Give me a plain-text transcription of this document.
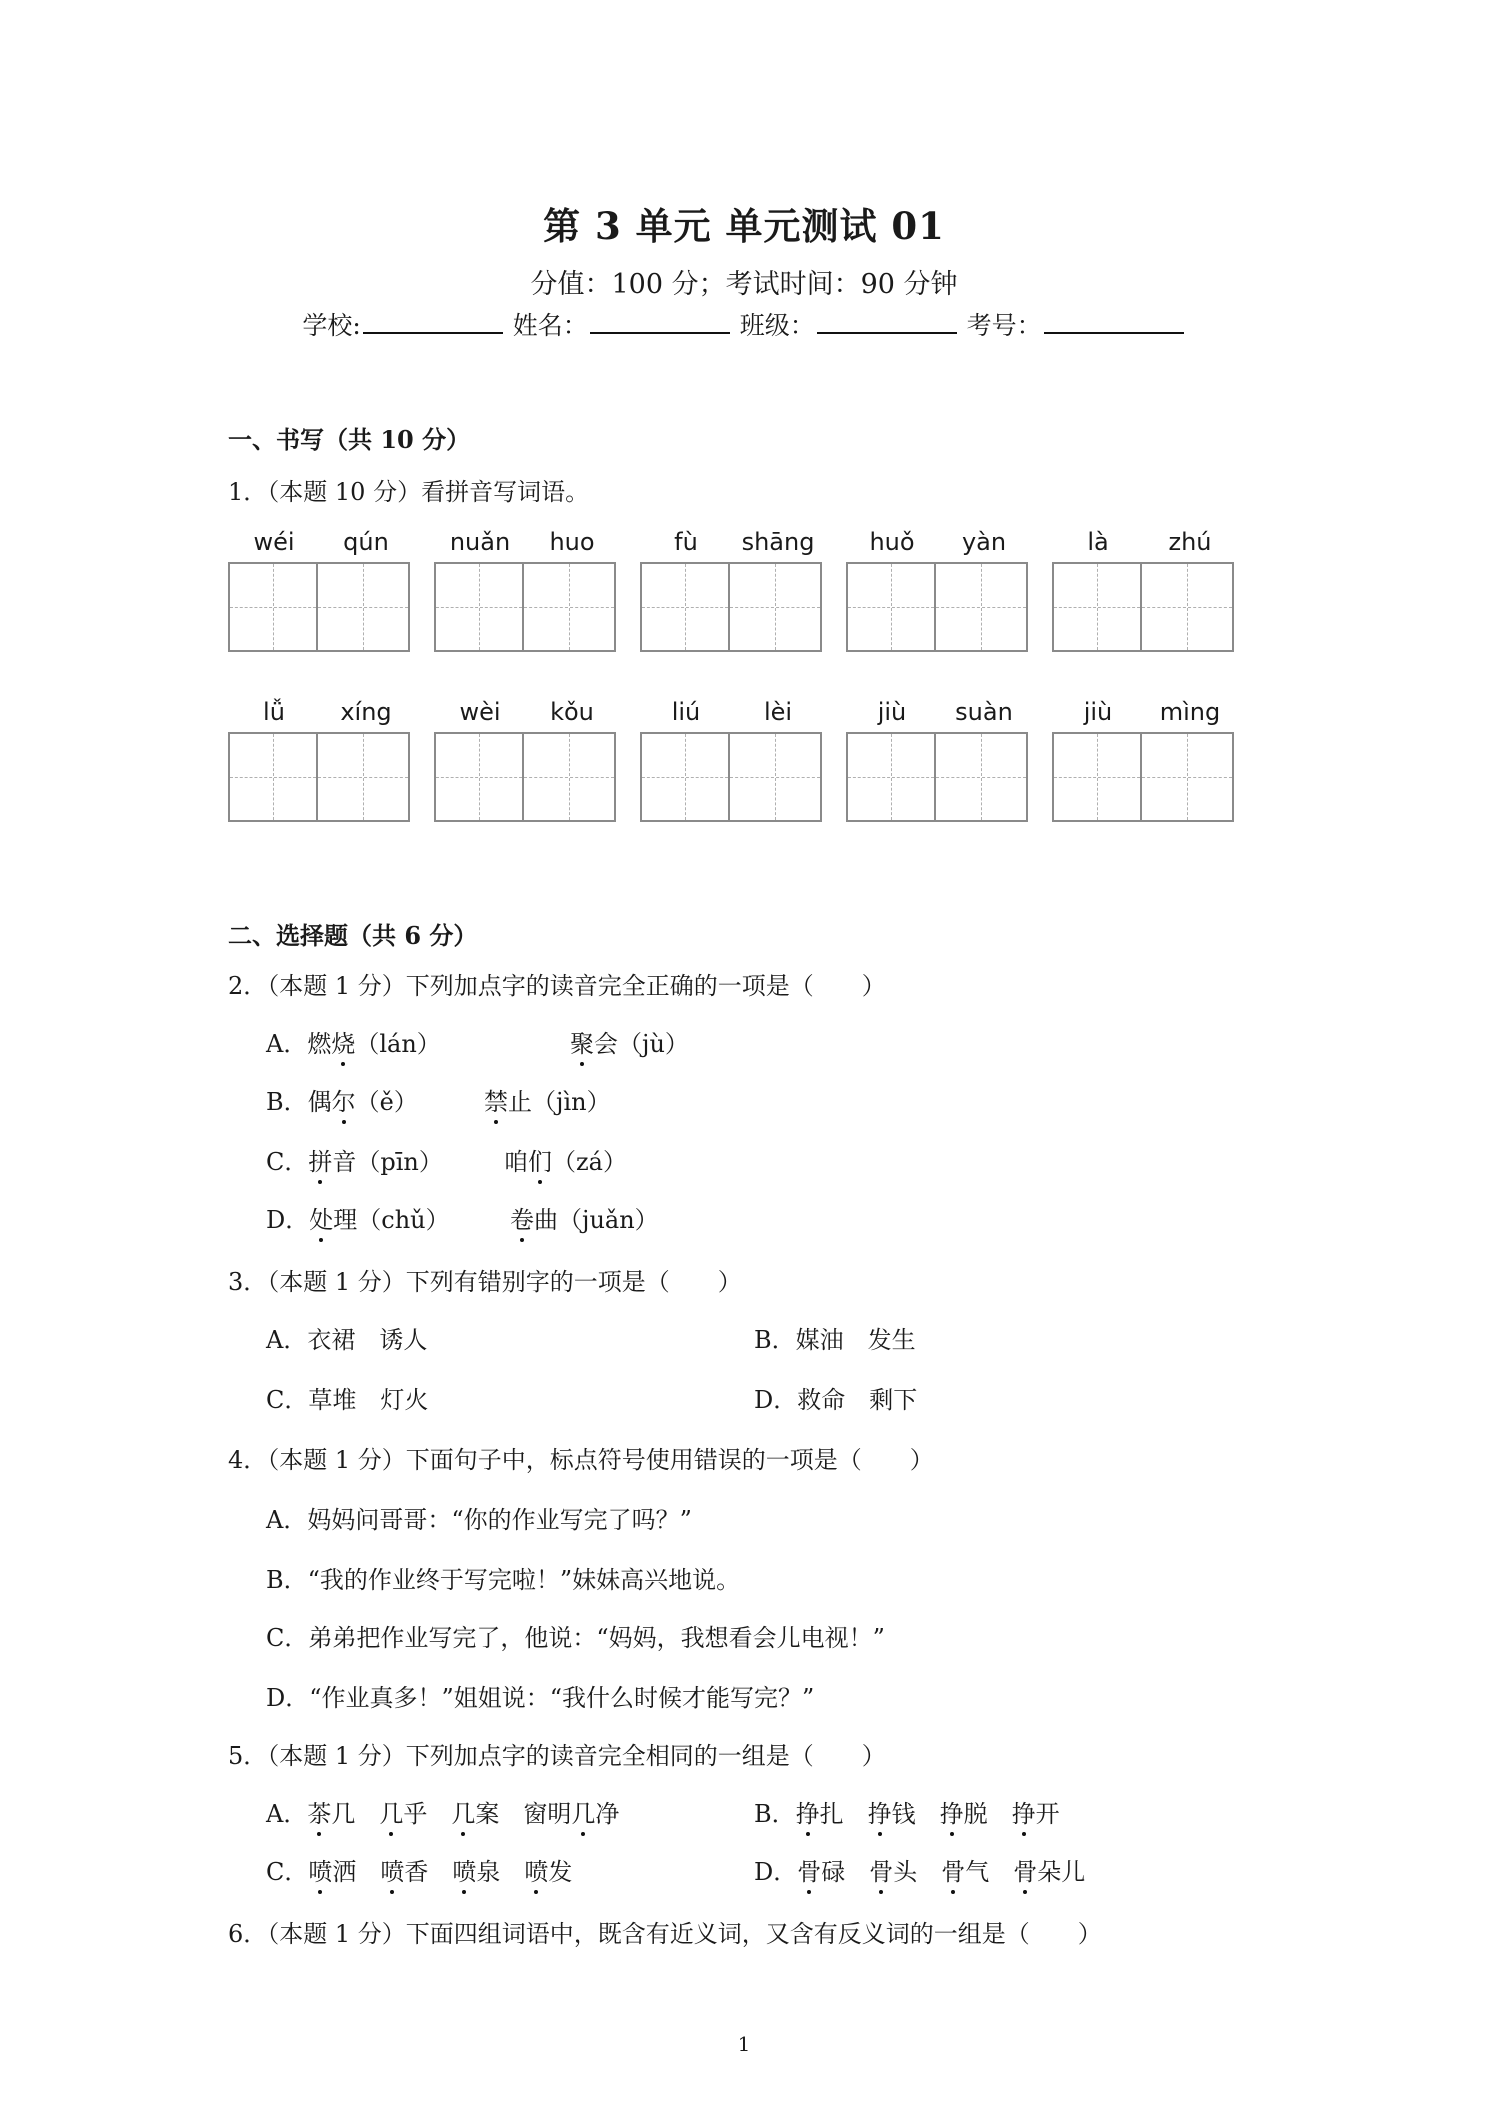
第 3 单元 单元测试 01
分值：100 分；考试时间：90 分钟
学校:	姓名：	班级：	考号：
一、书写（共 10 分）
1．（本题 10 分）看拼音写词语。
wéi	qún	nuǎn	huo	fù	shāng	huǒ	yàn	là	zhú
lǚ	xíng	wèi	kǒu	liú	lèi	jiù	suàn	jiù	mìng
二、选择题（共 6 分）
2．（本题 1 分）下列加点字的读音完全正确的一项是（　　）
A．燃烧（lán）	聚会（jù）
B．偶尔（ě）	禁止（jìn）
C．拼音（pīn）	咱们（zá）
D．处理（chǔ）	卷曲（juǎn）
3．（本题 1 分）下列有错别字的一项是（　　）
A．衣裙　诱人	B．媒油　发生
C．草堆　灯火	D．救命　剩下
4．（本题 1 分）下面句子中，标点符号使用错误的一项是（　　）
A．妈妈问哥哥：“你的作业写完了吗？”
B．“我的作业终于写完啦！”妹妹高兴地说。
C．弟弟把作业写完了，他说：“妈妈，我想看会儿电视！”
D．“作业真多！”姐姐说：“我什么时候才能写完？”
5．（本题 1 分）下列加点字的读音完全相同的一组是（　　）
A．茶几　 几乎　 几案　 窗明几净	B．挣扎　 挣钱　 挣脱　 挣开
C．喷洒　 喷香　 喷泉　 喷发	D．骨碌　 骨头　 骨气　 骨朵儿
6．（本题 1 分）下面四组词语中，既含有近义词，又含有反义词的一组是（　　）
1
